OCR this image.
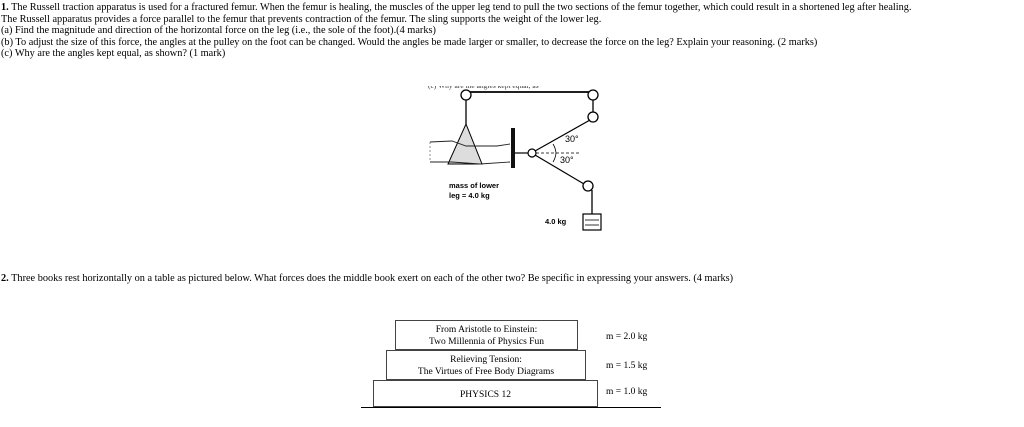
1. The Russell traction apparatus is used for a fractured femur. When the femur is healing, the muscles of the upper leg tend to pull the two sections of the femur together, which could result in a shortened leg after healing.
The Russell apparatus provides a force parallel to the femur that prevents contraction of the femur. The sling supports the weight of the lower leg.
(a) Find the magnitude and direction of the horizontal force on the leg (i.e., the sole of the foot).(4 marks)
(b) To adjust the size of this force, the angles at the pulley on the foot can be changed. Would the angles be made larger or smaller, to decrease the force on the leg? Explain your reasoning. (2 marks)
(c) Why are the angles kept equal, as shown? (1 mark)
30°
30°
mass of lower
leg = 4.0 kg
4.0 kg
2. Three books rest horizontally on a table as pictured below. What forces does the middle book exert on each of the other two? Be specific in expressing your answers. (4 marks)
From Aristotle to Einstein:
Two Millennia of Physics Fun
Relieving Tension:
The Virtues of Free Body Diagrams
PHYSICS 12
m = 2.0 kg
m = 1.5 kg
m = 1.0 kg
